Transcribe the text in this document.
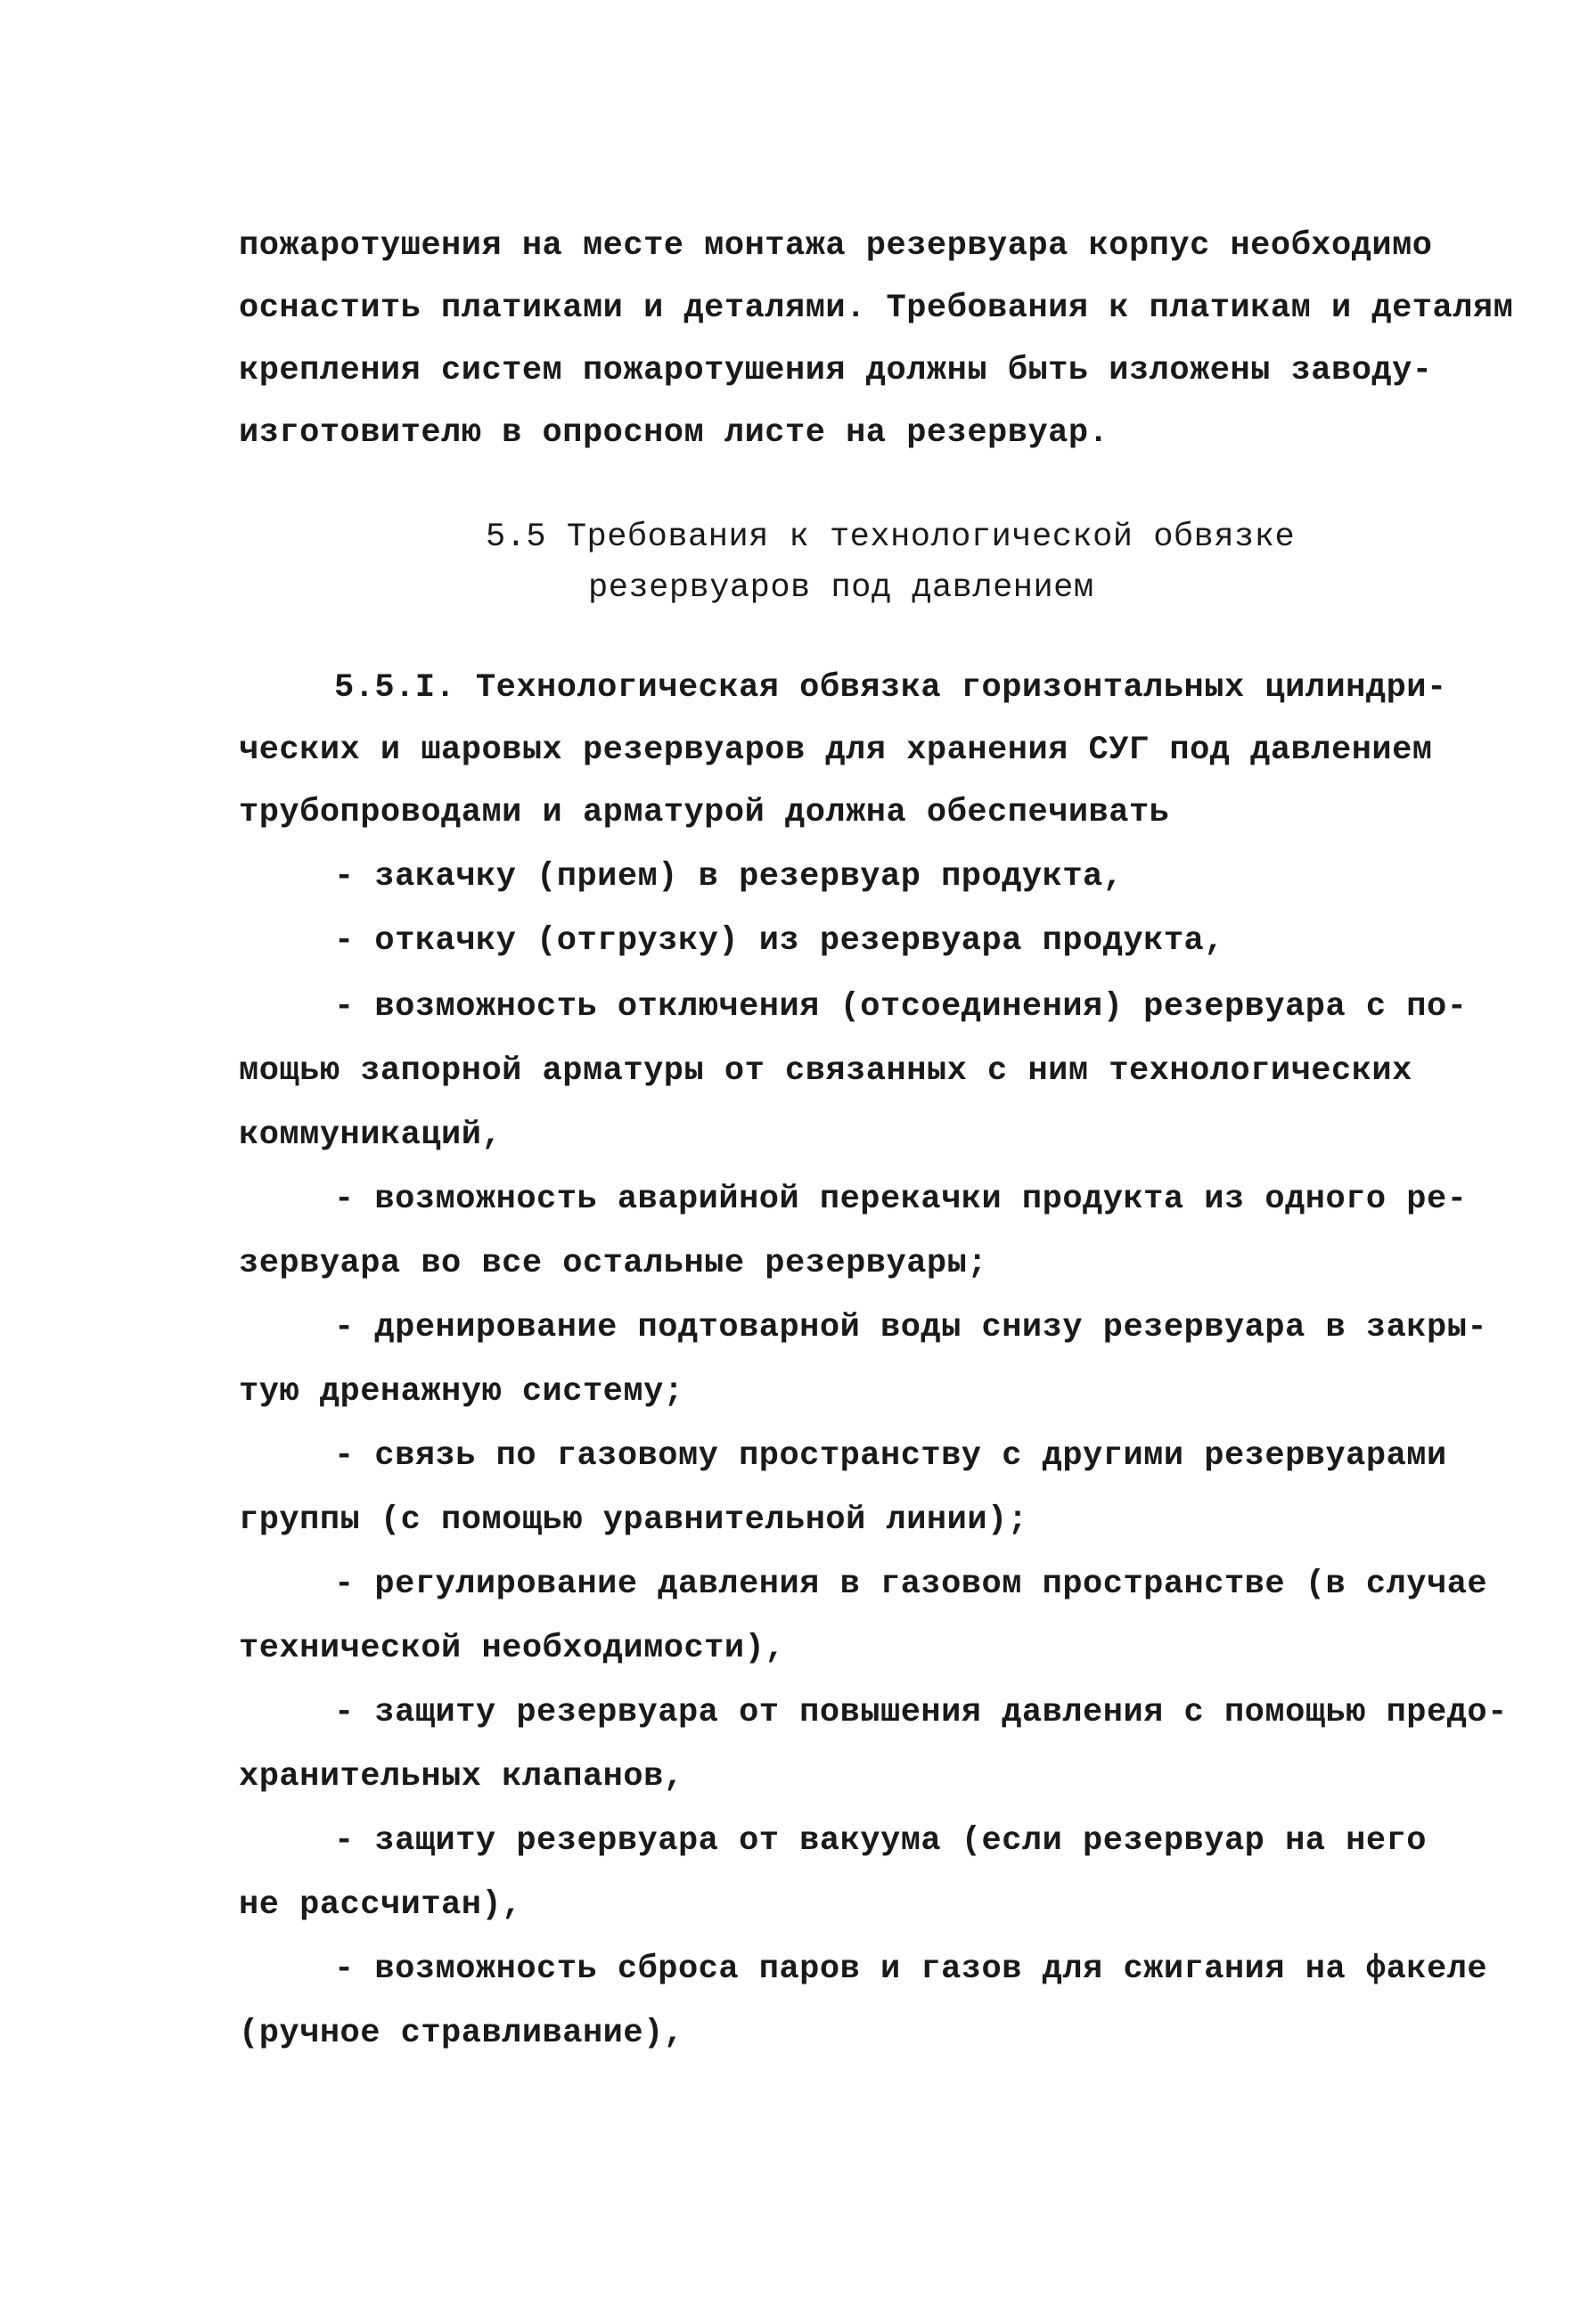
пожаротушения на месте монтажа резервуара корпус необходимо
оснастить платиками и деталями. Требования к платикам и деталям
крепления систем пожаротушения должны быть изложены заводу-
изготовителю в опросном листе на резервуар.
5.5 Требования к технологической обвязке
резервуаров под давлением
5.5.I. Технологическая обвязка горизонтальных цилиндри-
ческих и шаровых резервуаров для хранения СУГ под давлением
трубопроводами и арматурой должна обеспечивать
- закачку (прием) в резервуар продукта,
- откачку (отгрузку) из резервуара продукта,
- возможность отключения (отсоединения) резервуара с по-
мощью запорной арматуры от связанных с ним технологических
коммуникаций,
- возможность аварийной перекачки продукта из одного ре-
зервуара во все остальные резервуары;
- дренирование подтоварной воды снизу резервуара в закры-
тую дренажную систему;
- связь по газовому пространству с другими резервуарами
группы (с помощью уравнительной линии);
- регулирование давления в газовом пространстве (в случае
технической необходимости),
- защиту резервуара от повышения давления с помощью предо-
хранительных клапанов,
- защиту резервуара от вакуума (если резервуар на него
не рассчитан),
- возможность сброса паров и газов для сжигания на факеле
(ручное стравливание),
